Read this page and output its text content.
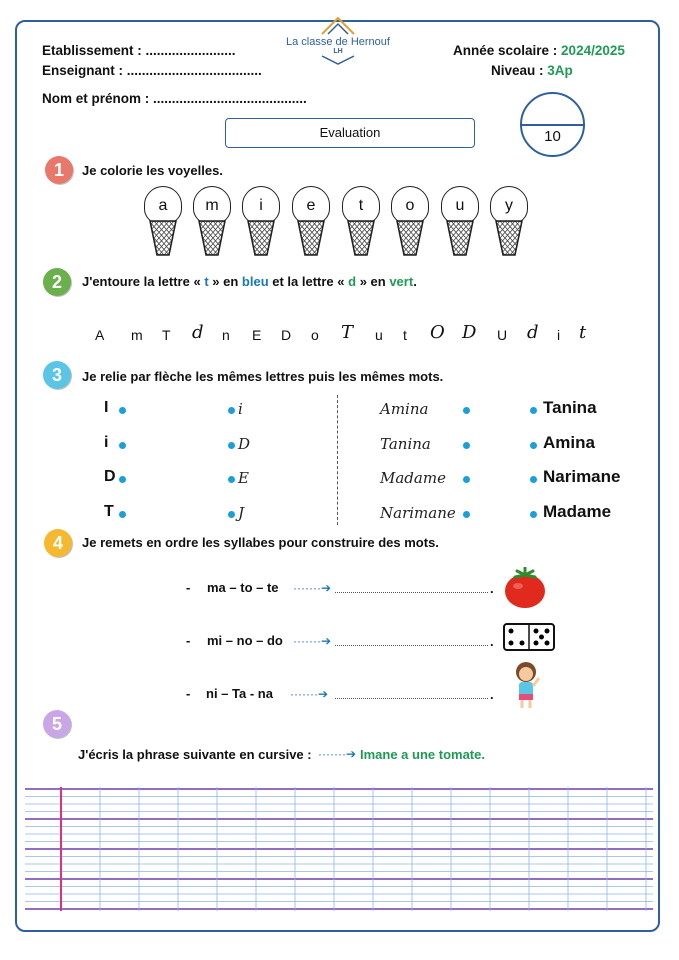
Etablissement : ........................
Enseignant : ....................................
Nom et prénom : .........................................
La classe de Hernouf
LH	Année scolaire : 2024/2025
Niveau : 3Ap
Evaluation	10
1	Je colorie les voyelles.
a	m	i	e	t	o	u	y
2	J'entoure la lettre « t » en bleu et la lettre « d » en vert.
A m T d n E D o T u t O D U d i t
3	Je relie par flèche les mêmes lettres puis les mêmes mots.
I	i	Amina	Tanina
i	D	Tanina	Amina
D	E	Madame	Narimane
T	J	Narimane	Madame
4	Je remets en ordre les syllabes pour construire des mots.
- ma – to – te ·······➔	.
- mi – no – do ·······➔	.
- ni – Ta - na ·······➔	.
5
J'écris la phrase suivante en cursive : ·······➔ Imane a une tomate.
